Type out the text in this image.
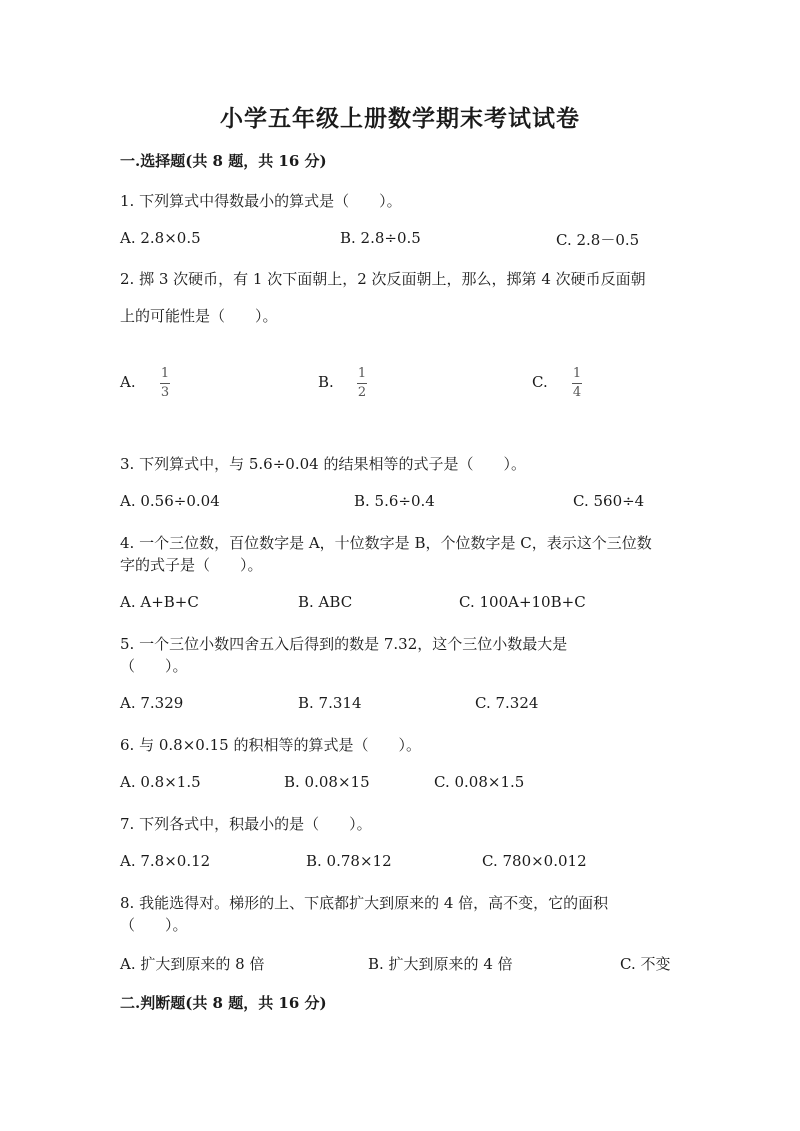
小学五年级上册数学期末考试试卷
一.选择题(共 8 题，共 16 分)
1. 下列算式中得数最小的算式是（　　）。
A. 2.8×0.5	B. 2.8÷0.5	C. 2.8－0.5
2. 掷 3 次硬币，有 1 次下面朝上，2 次反面朝上，那么，掷第 4 次硬币反面朝
上的可能性是（　　）。
A. 1
3
B. 1
2
C. 1
4
3. 下列算式中，与 5.6÷0.04 的结果相等的式子是（　　）。
A. 0.56÷0.04	B. 5.6÷0.4	C. 560÷4
4. 一个三位数，百位数字是 A，十位数字是 B，个位数字是 C，表示这个三位数
字的式子是（　　）。
A. A+B+C	B. ABC	C. 100A+10B+C
5. 一个三位小数四舍五入后得到的数是 7.32，这个三位小数最大是
（　　）。
A. 7.329	B. 7.314	C. 7.324
6. 与 0.8×0.15 的积相等的算式是（　　）。
A. 0.8×1.5	B. 0.08×15	C. 0.08×1.5
7. 下列各式中，积最小的是（　　）。
A. 7.8×0.12	B. 0.78×12	C. 780×0.012
8. 我能选得对。梯形的上、下底都扩大到原来的 4 倍，高不变，它的面积
（　　）。
A. 扩大到原来的 8 倍	B. 扩大到原来的 4 倍	C. 不变
二.判断题(共 8 题，共 16 分)
